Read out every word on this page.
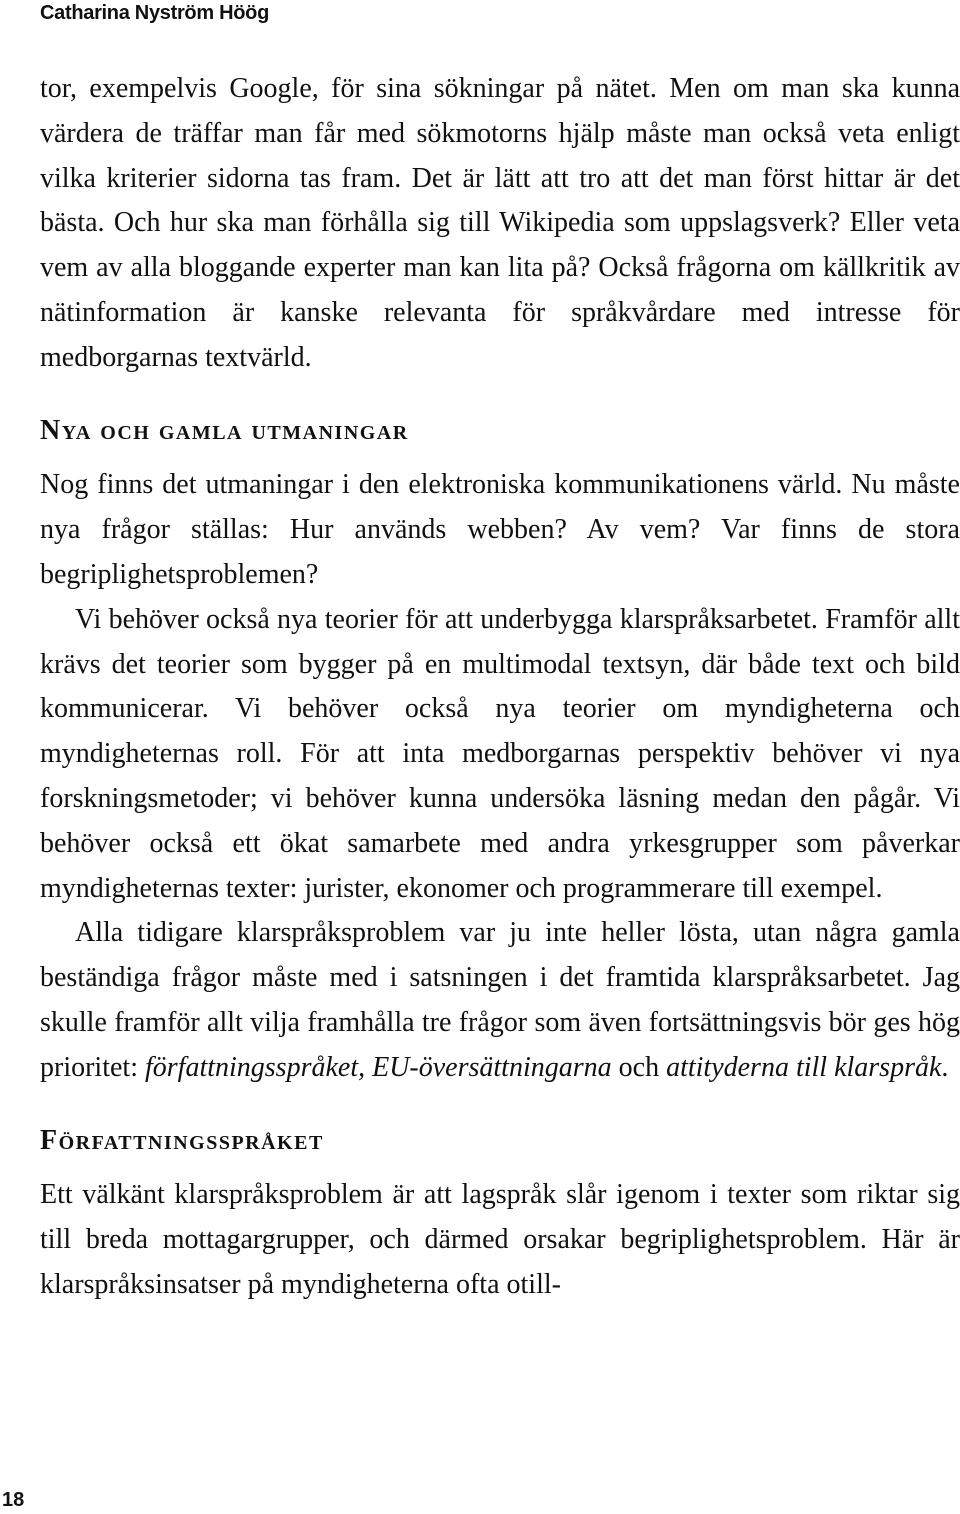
Catharina Nyström Höög

tor, exempelvis Google, för sina sökningar på nätet. Men om man ska kunna värdera de träffar man får med sökmotorns hjälp måste man också veta enligt vilka kriterier sidorna tas fram. Det är lätt att tro att det man först hittar är det bästa. Och hur ska man förhålla sig till Wikipedia som uppslagsverk? Eller veta vem av alla bloggande experter man kan lita på? Också frågorna om källkritik av nätinformation är kanske relevanta för språkvårdare med intresse för medborgarnas textvärld.

Nya och gamla utmaningar

Nog finns det utmaningar i den elektroniska kommunikationens värld. Nu måste nya frågor ställas: Hur används webben? Av vem? Var finns de stora begriplighetsproblemen?

Vi behöver också nya teorier för att underbygga klarspråksarbetet. Framför allt krävs det teorier som bygger på en multimodal textsyn, där både text och bild kommunicerar. Vi behöver också nya teorier om myndigheterna och myndigheternas roll. För att inta medborgarnas perspektiv behöver vi nya forskningsmetoder; vi behöver kunna undersöka läsning medan den pågår. Vi behöver också ett ökat samarbete med andra yrkesgrupper som påverkar myndigheternas texter: jurister, ekonomer och programmerare till exempel.

Alla tidigare klarspråksproblem var ju inte heller lösta, utan några gamla beständiga frågor måste med i satsningen i det framtida klarspråksarbetet. Jag skulle framför allt vilja framhålla tre frågor som även fortsättningsvis bör ges hög prioritet: författningsspråket, EU-översättningarna och attityderna till klarspråk.

Författningsspråket

Ett välkänt klarspråksproblem är att lagspråk slår igenom i texter som riktar sig till breda mottagargrupper, och därmed orsakar begriplighetsproblem. Här är klarspråksinsatser på myndigheterna ofta otill-

18
